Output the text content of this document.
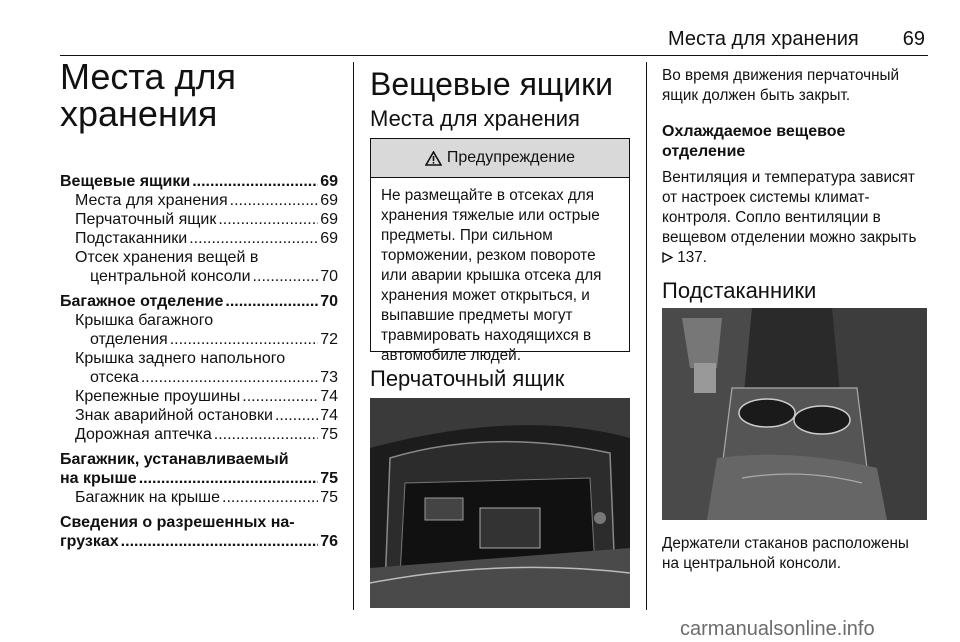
Места для хранения 69
Места для
хранения
Вещевые ящики .....	69
Места для хранения .....	69
Перчаточный ящик .....	69
Подстаканники .....	69
Отсек хранения вещей в
центральной консоли .....	70
Багажное отделение .....	70
Крышка багажного
отделения .....	72
Крышка заднего напольного
отсека .....	73
Крепежные проушины .....	74
Знак аварийной остановки .....	74
Дорожная аптечка .....	75
Багажник, устанавливаемый
на крыше .....	75
Багажник на крыше .....	75
Сведения о разрешенных на-
грузках .....	76
Вещевые ящики
Места для хранения
Предупреждение
Не размещайте в отсеках для хранения тяжелые или острые предметы. При сильном торможении, резком повороте или аварии крышка отсека для хранения может открыться, и выпавшие предметы могут травмировать находящихся в автомобиле людей.
Перчаточный ящик

Во время движения перчаточный ящик должен быть закрыт.

Охлаждаемое вещевое отделение

Вентиляция и температура зависят от настроек системы климат-контроля. Сопло вентиляции в вещевом отделении можно закрыть
137.

Подстаканники

Держатели стаканов расположены на центральной консоли.

carmanualsonline.info
